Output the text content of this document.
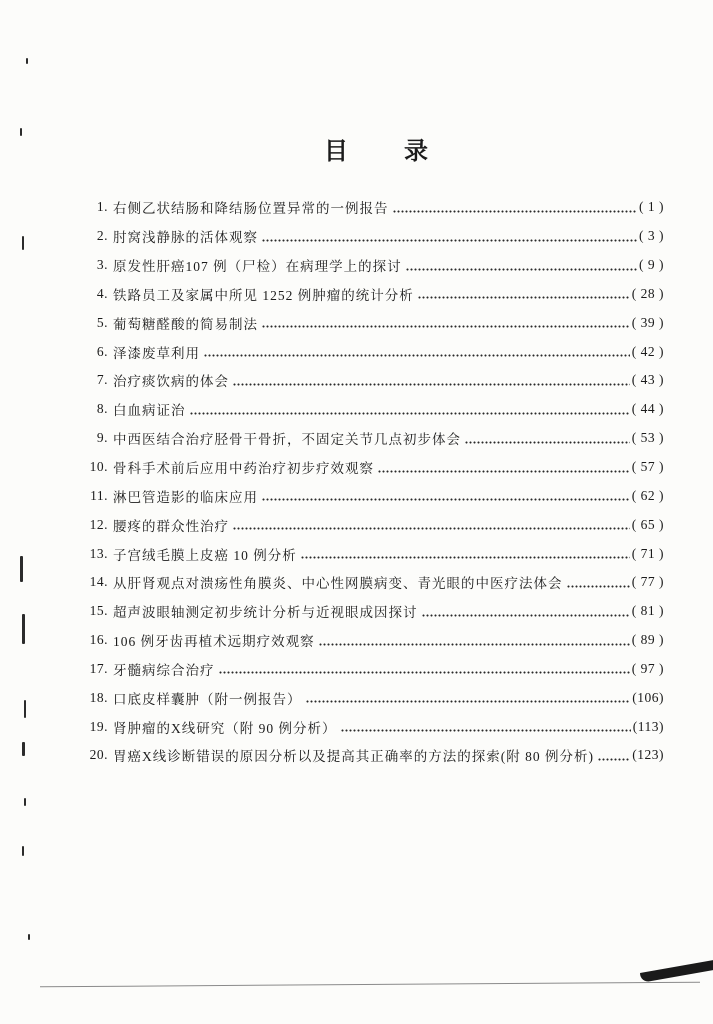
目 录
1. 右侧乙状结肠和降结肠位置异常的一例报告	( 1 )
2. 肘窝浅静脉的活体观察	( 3 )
3. 原发性肝癌107 例（尸检）在病理学上的探讨	( 9 )
4. 铁路员工及家属中所见 1252 例肿瘤的统计分析	( 28 )
5. 葡萄糖醛酸的简易制法	( 39 )
6. 泽漆废草利用	( 42 )
7. 治疗痰饮病的体会	( 43 )
8. 白血病证治	( 44 )
9. 中西医结合治疗胫骨干骨折，不固定关节几点初步体会	( 53 )
10. 骨科手术前后应用中药治疗初步疗效观察	( 57 )
11. 淋巴管造影的临床应用	( 62 )
12. 腰疼的群众性治疗	( 65 )
13. 子宫绒毛膜上皮癌 10 例分析	( 71 )
14. 从肝肾观点对溃疡性角膜炎、中心性网膜病变、青光眼的中医疗法体会	( 77 )
15. 超声波眼轴测定初步统计分析与近视眼成因探讨	( 81 )
16. 106 例牙齿再植术远期疗效观察	( 89 )
17. 牙髓病综合治疗	( 97 )
18. 口底皮样囊肿（附一例报告）	(106)
19. 肾肿瘤的X线研究（附 90 例分析）	(113)
20. 胃癌X线诊断错误的原因分析以及提高其正确率的方法的探索(附 80 例分析)	(123)
